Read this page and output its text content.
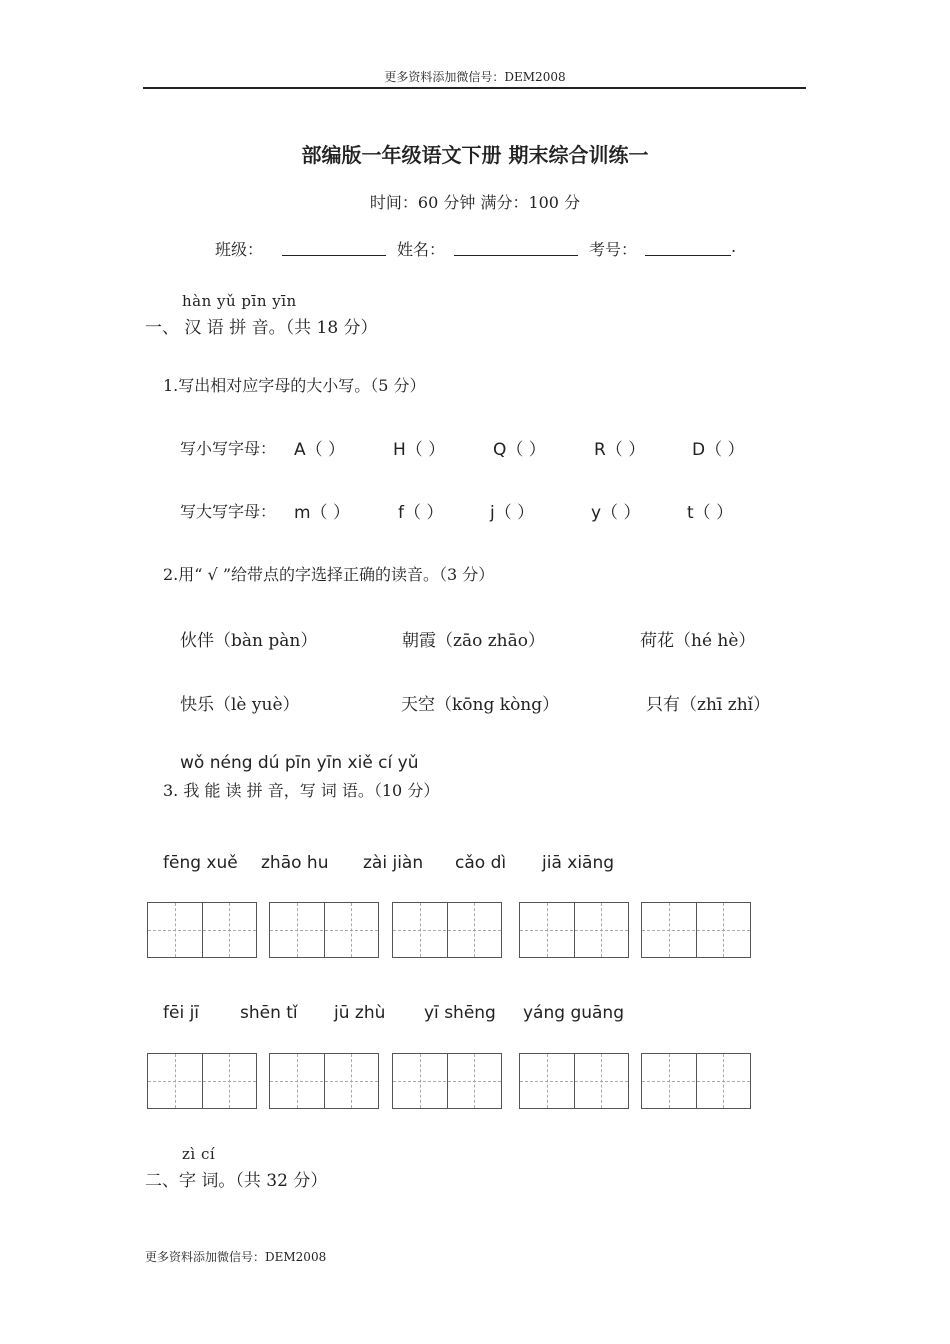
更多资料添加微信号：DEM2008
部编版一年级语文下册 期末综合训练一
时间：60 分钟 满分：100 分
班级：	姓名：	考号：	.
hàn yǔ pīn yīn
一、 汉 语 拼 音。（共 18 分）
1.写出相对应字母的大小写。（5 分）
写小写字母： A（ ）	H（ ）	Q（ ）	R（ ）	D（ ）
写大写字母： m（ ）	f（ ）	j（ ）	y（ ）	t（ ）
2.用“ √ ”给带点的字选择正确的读音。（3 分）
伙伴（bàn pàn）	朝霞（zāo zhāo）	荷花（hé hè）
快乐（lè yuè）	天空（kōng kòng）	只有（zhī zhǐ）
wǒ néng dú pīn yīn xiě cí yǔ
3. 我 能 读 拼 音，写 词 语。（10 分）
fēng xuě zhāo hu zài jiàn cǎo dì jiā xiāng
fēi jī shēn tǐ jū zhù yī shēng yáng guāng
zì cí
二、字 词。（共 32 分）
更多资料添加微信号：DEM2008
